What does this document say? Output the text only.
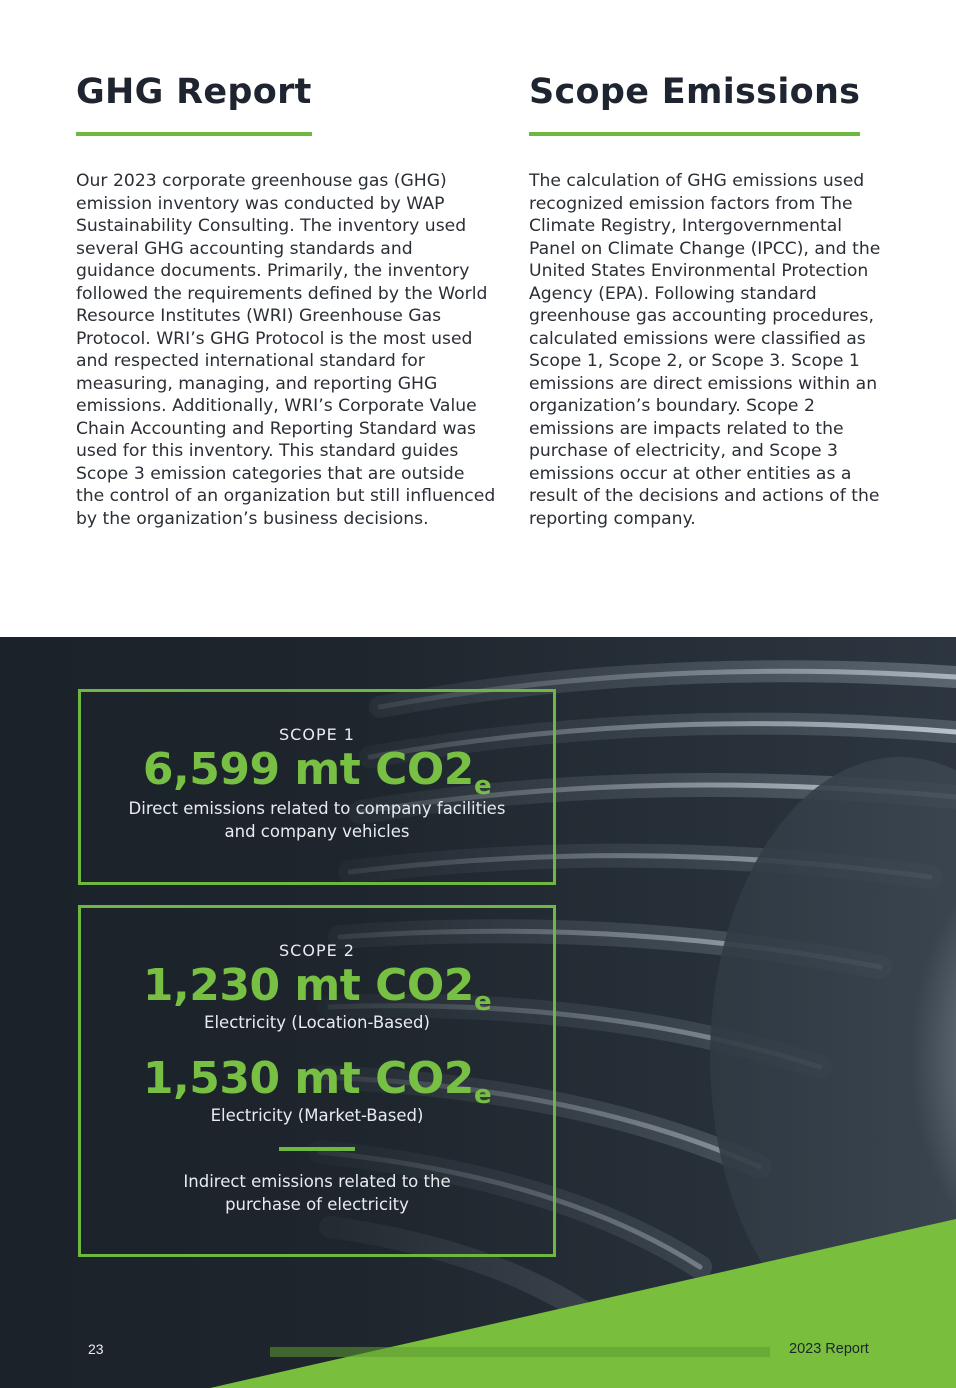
GHG Report

Our 2023 corporate greenhouse gas (GHG) emission inventory was conducted by WAP Sustainability Consulting. The inventory used several GHG accounting standards and guidance documents. Primarily, the inventory followed the requirements defined by the World Resource Institutes (WRI) Greenhouse Gas Protocol. WRI’s GHG Protocol is the most used and respected international standard for measuring, managing, and reporting GHG emissions. Additionally, WRI’s Corporate Value Chain Accounting and Reporting Standard was used for this inventory. This standard guides Scope 3 emission categories that are outside the control of an organization but still influenced by the organization’s business decisions.

Scope Emissions

The calculation of GHG emissions used recognized emission factors from The Climate Registry, Intergovernmental Panel on Climate Change (IPCC), and the United States Environmental Protection Agency (EPA). Following standard greenhouse gas accounting procedures, calculated emissions were classified as Scope 1, Scope 2, or Scope 3. Scope 1 emissions are direct emissions within an organization’s boundary. Scope 2 emissions are impacts related to the purchase of electricity, and Scope 3 emissions occur at other entities as a result of the decisions and actions of the reporting company.

SCOPE 1
6,599 mt $CO2_e$
Direct emissions related to company facilities and company vehicles
SCOPE 2
1,230 mt $CO2_e$
Electricity (Location-Based)
1,530 mt $CO2_e$
Electricity (Market-Based)
Indirect emissions related to the purchase of electricity
23	2023 Report
